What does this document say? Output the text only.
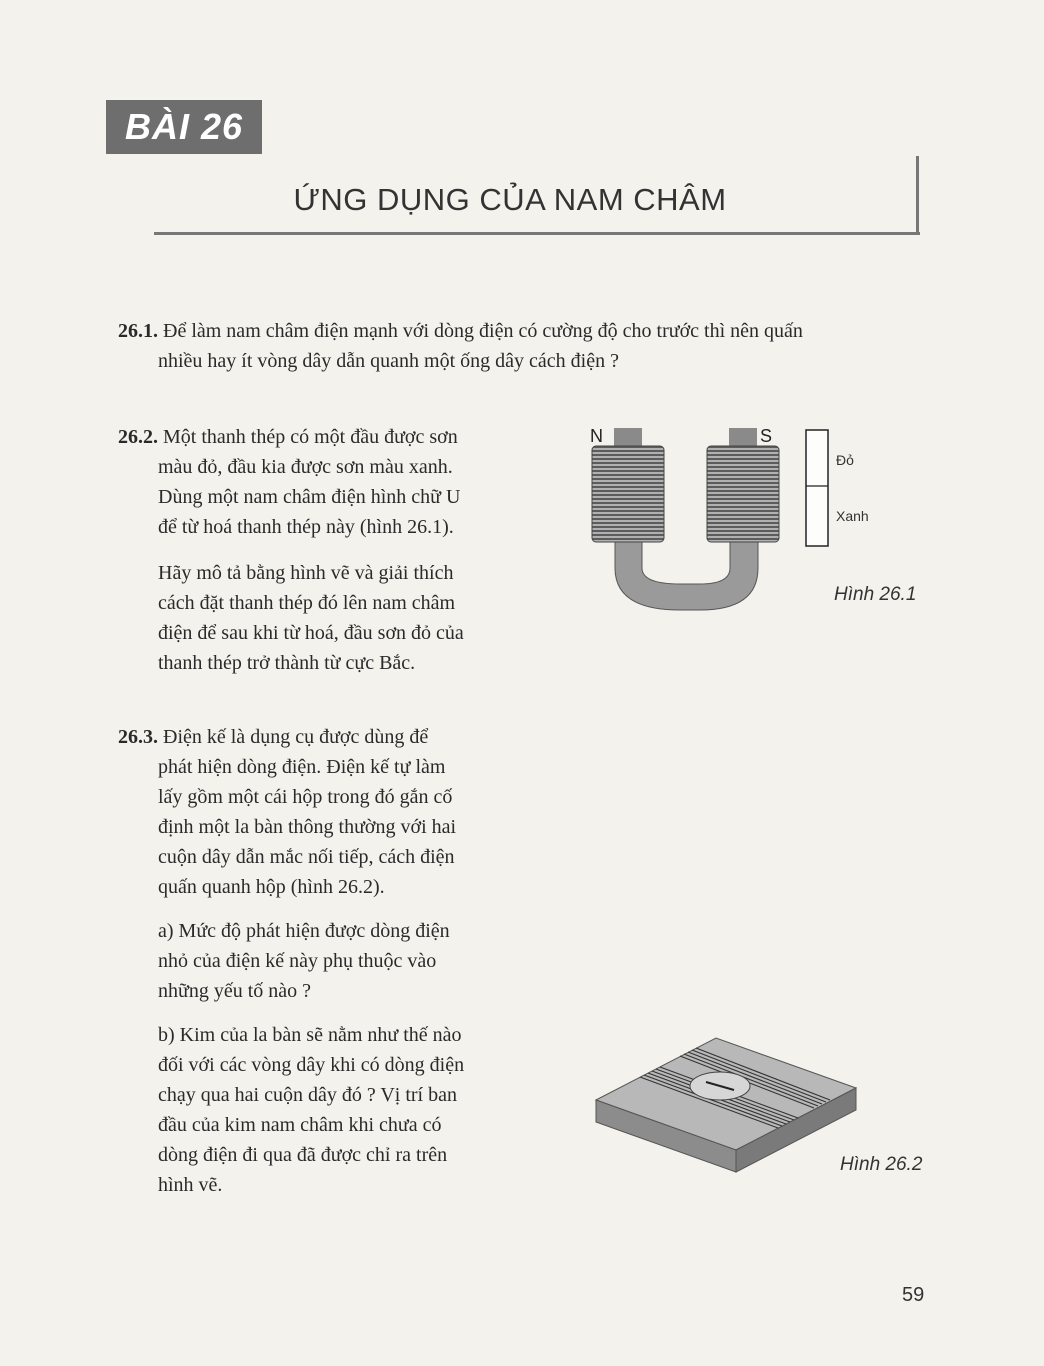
BÀI 26
ỨNG DỤNG CỦA NAM CHÂM
26.1. Để làm nam châm điện mạnh với dòng điện có cường độ cho trước thì nên quấn
nhiều hay ít vòng dây dẫn quanh một ống dây cách điện ?
26.2. Một thanh thép có một đầu được sơn
màu đỏ, đầu kia được sơn màu xanh.
Dùng một nam châm điện hình chữ U
để từ hoá thanh thép này (hình 26.1).
Hãy mô tả bằng hình vẽ và giải thích
cách đặt thanh thép đó lên nam châm
điện để sau khi từ hoá, đầu sơn đỏ của
thanh thép trở thành từ cực Bắc.
N	S
Đỏ
Xanh
Hình 26.1
26.3. Điện kế là dụng cụ được dùng để
phát hiện dòng điện. Điện kế tự làm
lấy gồm một cái hộp trong đó gắn cố
định một la bàn thông thường với hai
cuộn dây dẫn mắc nối tiếp, cách điện
quấn quanh hộp (hình 26.2).
a) Mức độ phát hiện được dòng điện
nhỏ của điện kế này phụ thuộc vào
những yếu tố nào ?
b) Kim của la bàn sẽ nằm như thế nào
đối với các vòng dây khi có dòng điện
chạy qua hai cuộn dây đó ? Vị trí ban
đầu của kim nam châm khi chưa có
dòng điện đi qua đã được chỉ ra trên
hình vẽ.
Hình 26.2
59
